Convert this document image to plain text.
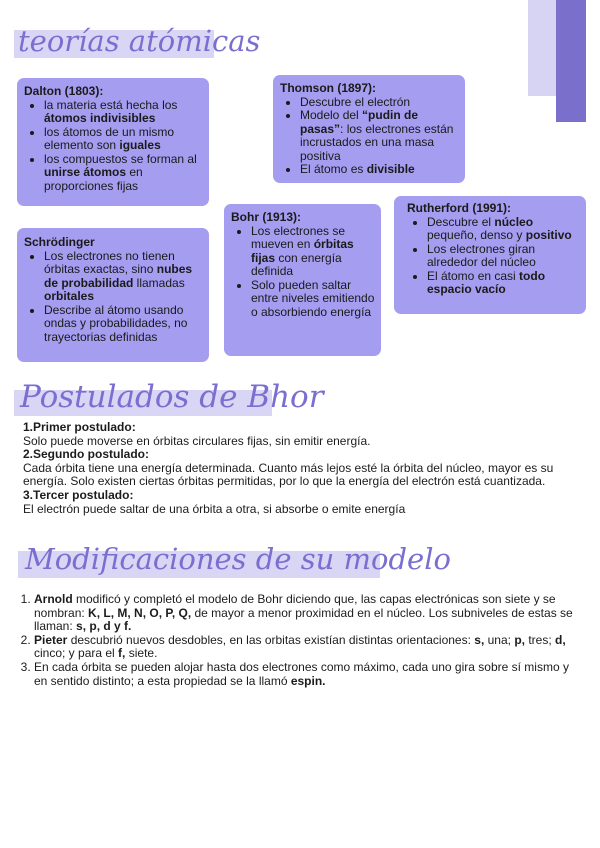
teorías atómicas

Dalton (1803):

• la materia está hecha los átomos indivisibles
• los átomos de un mismo elemento son iguales
• los compuestos se forman al unirse átomos en proporciones fijas

Thomson (1897):

• Descubre el electrón
• Modelo del “pudin de pasas”: los electrones están incrustados en una masa positiva
• El átomo es divisible

Schrödinger

• Los electrones no tienen órbitas exactas, sino nubes de probabilidad llamadas orbitales
• Describe al átomo usando ondas y probabilidades, no trayectorias definidas

Bohr (1913):

• Los electrones se mueven en órbitas fijas con energía definida
• Solo pueden saltar entre niveles emitiendo o absorbiendo energía

Rutherford (1991):

• Descubre el núcleo pequeño, denso y positivo
• Los electrones giran alrededor del núcleo
• El átomo en casi todo espacio vacío
Postulados de Bhor

1.Primer postulado:

Solo puede moverse en órbitas circulares fijas, sin emitir energía.

2.Segundo postulado:

Cada órbita tiene una energía determinada. Cuanto más lejos esté la órbita del núcleo, mayor es su energía. Solo existen ciertas órbitas permitidas, por lo que la energía del electrón está cuantizada.

3.Tercer postulado:

El electrón puede saltar de una órbita a otra, si absorbe o emite energía

Modificaciones de su modelo
1. Arnold modificó y completó el modelo de Bohr diciendo que, las capas electrónicas son siete y se nombran: K, L, M, N, O, P, Q, de mayor a menor proximidad en el núcleo. Los subniveles de estas se llaman: s, p, d y f.
2. Pieter descubrió nuevos desdobles, en las orbitas existían distintas orientaciones: s, una; p, tres; d, cinco; y para el f, siete.
3. En cada órbita se pueden alojar hasta dos electrones como máximo, cada uno gira sobre sí mismo y en sentido distinto; a esta propiedad se la llamó espin.
